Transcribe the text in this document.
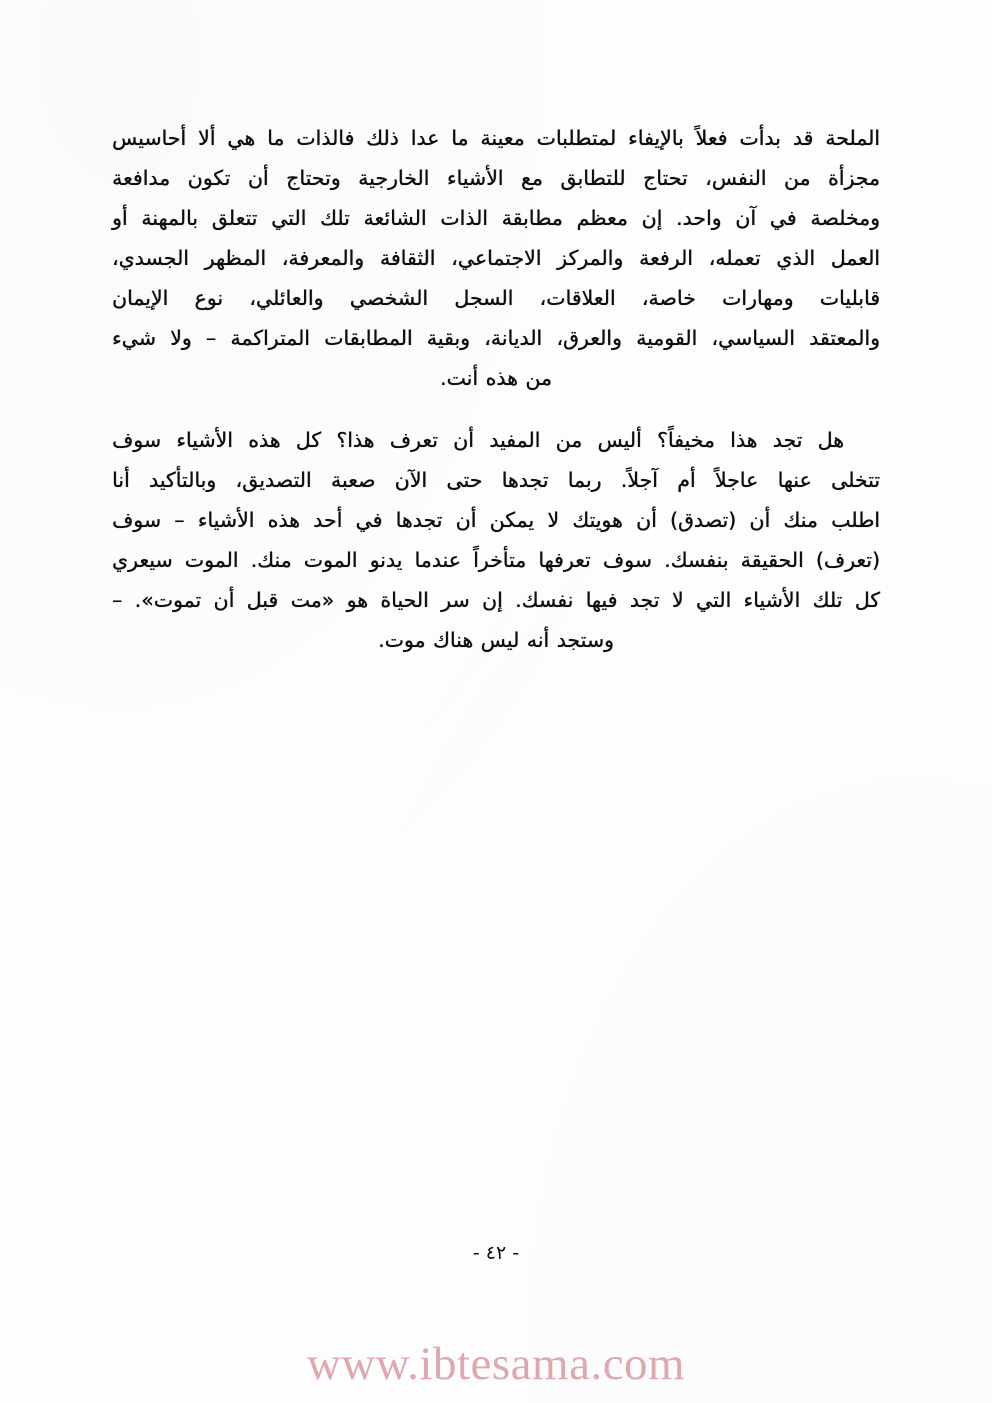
الملحة قد بدأت فعلاً بالإيفاء لمتطلبات معينة ما عدا ذلك فالذات ما هي ألا أحاسيس
مجزأة من النفس، تحتاج للتطابق مع الأشياء الخارجية وتحتاج أن تكون مدافعة
ومخلصة في آن واحد. إن معظم مطابقة الذات الشائعة تلك التي تتعلق بالمهنة أو
العمل الذي تعمله، الرفعة والمركز الاجتماعي، الثقافة والمعرفة، المظهر الجسدي،
قابليات ومهارات خاصة، العلاقات، السجل الشخصي والعائلي، نوع الإيمان
والمعتقد السياسي، القومية والعرق، الديانة، وبقية المطابقات المتراكمة – ولا شيء
من هذه أنت.

هل تجد هذا مخيفاً؟ أليس من المفيد أن تعرف هذا؟ كل هذه الأشياء سوف
تتخلى عنها عاجلاً أم آجلاً. ربما تجدها حتى الآن صعبة التصديق، وبالتأكيد أنا
اطلب منك أن (تصدق) أن هويتك لا يمكن أن تجدها في أحد هذه الأشياء – سوف
(تعرف) الحقيقة بنفسك. سوف تعرفها متأخراً عندما يدنو الموت منك. الموت سيعري
كل تلك الأشياء التي لا تجد فيها نفسك. إن سر الحياة هو «مت قبل أن تموت». –
وستجد أنه ليس هناك موت.

- ٤٢ -
www.ibtesama.com
